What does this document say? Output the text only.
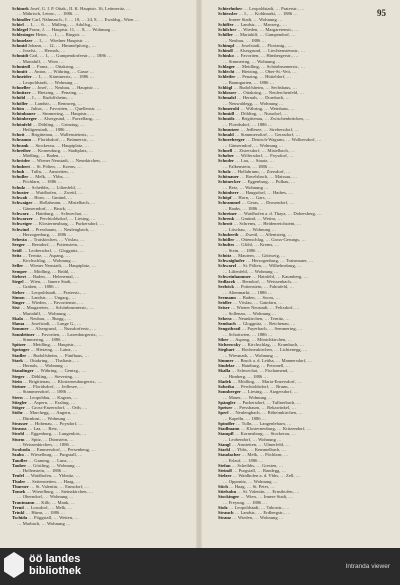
95
Schimek Josef, G. I. P. Ottak., II. K. Hauptstr. 16, Leitmeritz, ...
… Mährisch, Leinw., … 1886. …
Schindler Carl, Nähmasch., I. … 18, … 24, 8, … Ewaldsg., Wien …
Schirl … I., … 6. … Müllerg., … Adolfsg., …
Schlegel Franz, J. … Hauptstr. 11, … 8, … Wohnung …
Schlesinger Heinr., … I., … Ringstr. …
Schmelzer … I., … Wiedner Hauptstr. …
Schmid Johann, … 12, … Himmelpfortg., …
… Josefst., … Hernals, …
Schmidt Carl, … I., … Gumpendorferstr., … 1886 …
… Mariahilf, … Wien …
Schmiedl … Franz, … Ottakring, …
Schmitt … Anton, … Währing, … Gasse …
Schneider … I., … Kärntnerstr., … 1886 …
… Leopoldstadt, … Wohnung …
Schneller … Josef, … Neubau, … Hauptstr. …
Schnitzer … Hietzing, … Penzing, …
Schöbl … I., … Rudolfsheim, …
Schöller … Landstr., … Rennweg, …
Schön … Julius, … Favoriten, … Quellenstr. …
Schönbauer … Simmering, … Hauptstr., …
Schönberger … Alsergrund, … Porzellang., …
Schönfeld … Döbling, … Grinzing, …
… Heiligenstadt, … 1886 …
Schott … Brigittenau, … Wallensteinstr., …
Schramm … Floridsdorf, … Brünnerstr., …
Schrank … Stockerau, … Hauptplatz, …
Schreiber … Korneuburg, … Stadtplatz, …
… Mödling, … Baden, …
Schröder … Wiener Neustadt, … Neunkirchen, …
Schubert … St. Pölten, … Krems, …
Schuh … Tulln, … Amstetten, …
Schuller … Melk, … Ybbs, …
… Pöchlarn, … 1886 …
Schulz … Scheibbs, … Lilienfeld, …
Schuster … Waidhofen, … Zwettl, …
Schwab … Horn, … Gmünd, …
Schwaiger … Hollabrunn, … Mistelbach, …
… Gänserndorf, … Bruck, …
Schwarz … Hainburg, … Schwechat, …
Schwarzer … Perchtoldsdorf, … Liesing, …
Schweiger … Klosterneuburg, … Purkersdorf, …
Schwind … Pressbaum, … Neulengbach, …
… Herzogenburg, … 1886 …
Sebesta … Traiskirchen, … Vöslau, …
Seeger … Berndorf, … Pottenstein, …
Seidl … Leobersdorf, … Gloggnitz, …
Seitz … Ternitz, … Aspang, …
… Kirchschlag, … Wohnung …
Seller … Wiener Neustadt, … Hauptplatz, …
Semper … Mödling, … Brühl, …
Siebert … Baden, … Helenental, …
Siegel … Wien, … Innere Stadt, …
… Graben, … 1886 …
Sieber … Leopoldstadt, … Praterstr., …
Simon … Landstr., … Ungarg., …
Singer … Wieden, … Favoritenstr., …
Sixt … Margareten, … Schönbrunnerstr., …
… Mariahilf, … Wohnung …
Skala … Neubau, … Burgg., …
Slama … Josefstadt, … Lange G., …
Sommer … Alsergrund, … Nussdorferstr., …
Sonnleitner … Favoriten, … Laxenburgerstr., …
… Simmering, … 1886 …
Spitzer … Meidling, … Hauptstr., …
Springer … Hietzing, … Lainz, …
Stadler … Rudolfsheim, … Fünfhaus, …
Stark … Ottakring, … Thaliastr., …
… Hernals, … Wohnung …
Staudinger … Währing, … Gentzg., …
Steger … Döbling, … Sievering, …
Stein … Brigittenau, … Klosterneuburgerstr., …
Steiner … Floridsdorf, … Jedlesee, …
… Stammersdorf, … 1886 …
Stern … Leopoldau, … Kagran, …
Stiegler … Aspern, … Essling, …
Stöger … Gross-Enzersdorf, … Orth, …
Stöhr … Marchegg, … Angern, …
… Dürnkrut, … Wohnung …
Strasser … Hohenau, … Poysdorf, …
Strauss … Laa, … Retz, …
Strobl … Eggenburg, … Langenlois, …
Sturm … Spitz, … Dürnstein, …
… Weissenkirchen, … 1886 …
Swoboda … Emmersdorf, … Persenbeug, …
Szabo … Wieselburg, … Purgstall, …
Tandler … Gaming, … Lunz, …
Tauber … Göstling, … Wohnung …
… Hollenstein, … 1886 …
Teufel … Waidhofen, … Ybbsitz, …
Thaler … Seitenstetten, … Haag, …
Thurner … St. Valentin, … Ennsdorf, …
Tomek … Wieselburg, … Steinakirchen, …
… Oberndorf, … Wohnung …
Trautmann … Kilb, … Mank, …
Treml … Loosdorf, … Melk, …
Trinkl … Hürm, … 1886 …
Tschida … Pöggstall, … Weiten, …
… Marbach, … Wohnung …
Schierhuber … Leopoldstadt, … Praterstr., …
Schiessler … I., … Kohlmarkt, … 1886 …
… Innere Stadt, … Wohnung …
Schiffer … Landstr., … Marxerg., …
Schilcher … Wieden, … Margaretenstr., …
Schiller … Mariahilf, … Gumpendorf, …
… Neubau, … 1886 …
Schimpf … Josefstadt, … Florianig., …
Schindl … Alsergrund, … Liechtensteinstr., …
Schinko … Favoriten, … Himbergerstr., …
… Simmering, … Wohnung …
Schlager … Meidling, … Schönbrunnerstr., …
Schlecht … Hietzing, … Ober-St.-Veit, …
Schleifer … Penzing, … Hütteldorf, …
… Baumgarten, … 1886 …
Schlögl … Rudolfsheim, … Sechshaus, …
Schlosser … Ottakring, … Neulerchenfeld, …
Schmalzl … Hernals, … Dornbach, …
… Neuwaldegg, … Wohnung …
Schmerold … Währing, … Weinhaus, …
Schmidl … Döbling, … Nussdorf, …
Schmölz … Brigittenau, … Zwischenbrücken, …
… Floridsdorf, … 1886 …
Schmutzer … Jedlesee, … Strebersdorf, …
Schnabl … Stammersdorf, … Gerasdorf, …
Schneeberger … Deutsch-Wagram, … Wolkersdorf, …
… Gänserndorf, … Wohnung …
Schnell … Zistersdorf, … Mistelbach, …
Schober … Wilfersdorf, … Poysdorf, …
Schoder … Laa, … Staatz, …
… Falkenstein, … 1886 …
Scholz … Hollabrunn, … Ziersdorf, …
Schönauer … Ravelsbach, … Maissau, …
Schönecker … Eggenburg, … Pulkau, …
… Retz, … Wohnung …
Schönherr … Haugsdorf, … Hadres, …
Schöpf … Horn, … Gars, …
Schrammel … Geras, … Drosendorf, …
… Raabs, … 1886 …
Schreiner … Waidhofen a. d. Thaya, … Dobersberg, …
Schrenk … Gmünd, … Weitra, …
Schrott … Schrems, … Heidenreichstein, …
… Litschau, … Wohnung …
Schuberth … Zwettl, … Allentsteig, …
Schüller … Ottenschlag, … Gross-Gerungs, …
Schultes … Gföhl, … Krems, …
… Stein, … 1886 …
Schütz … Mautern, … Göttweig, …
Schwaighofer … Herzogenburg, … Traismauer, …
Schwarzl … St. Pölten, … Wilhelmsburg, …
… Lilienfeld, … Wohnung …
Schweinhammer … Hainfeld, … Kaumberg, …
Sedlacek … Berndorf, … Weissenbach, …
Seeböck … Pottenstein, … Fahrafeld, …
… Altenmarkt, … 1886 …
Seemann … Baden, … Sooss, …
Seidler … Vöslau, … Gainfarn, …
Seiser … Wiener Neustadt, … Felixdorf, …
… Sollenau, … Wohnung …
Sekera … Neunkirchen, … Ternitz, …
Sembach … Gloggnitz, … Reichenau, …
Sengstbratl … Payerbach, … Semmering, …
… Schottwien, … 1886 …
Siber … Aspang, … Mönichkirchen, …
Sichrowsky … Kirchschlag, … Krumbach, …
Sieghart … Hochneukirchen, … Lichtenegg, …
… Wiesmath, … Wohnung …
Simmer … Bruck a. d. Leitha, … Mannersdorf, …
Sindelar … Hainburg, … Petronell, …
Skalla … Schwechat, … Fischamend, …
… Himberg, … 1886 …
Sladek … Mödling, … Maria-Enzersdorf, …
Sobotka … Perchtoldsdorf, … Brunn, …
Sonnberger … Liesing, … Atzgersdorf, …
… Mauer, … Wohnung …
Spängler … Purkersdorf, … Tullnerbach, …
Speiser … Pressbaum, … Rekawinkel, …
Sperl … Neulengbach, … Böheimkirchen, …
… Kapelln, … 1886 …
Spindler … Tulln, … Langenlebarn, …
Stadlmann … Klosterneuburg, … Kritzendorf, …
Stampfl … Korneuburg, … Stockerau, …
… Leobendorf, … Wohnung …
Stangl … Amstetten, … Ulmerfeld, …
Starkl … Ybbs, … Kemmelbach, …
Staudacher … Melk, … Pöchlarn, …
… Erlauf, … 1886 …
Stefan … Scheibbs, … Gresten, …
Steindl … Purgstall, … Randegg, …
Stelzer … Waidhofen a. d. Ybbs, … Zell, …
… Opponitz, … Wohnung …
Stich … Haag, … St. Peter, …
Stiefsohn … St. Valentin, … Ernsthofen, …
Stockinger … Wien, … Innere Stadt, …
… Freyung, … 1886 …
Stolz … Leopoldstadt, … Taborstr., …
Strauch … Landstr., … Erdbergstr., …
Stranz … Wieden, … Wohnung …
öö landes
bibliothek	Intranda viewer
